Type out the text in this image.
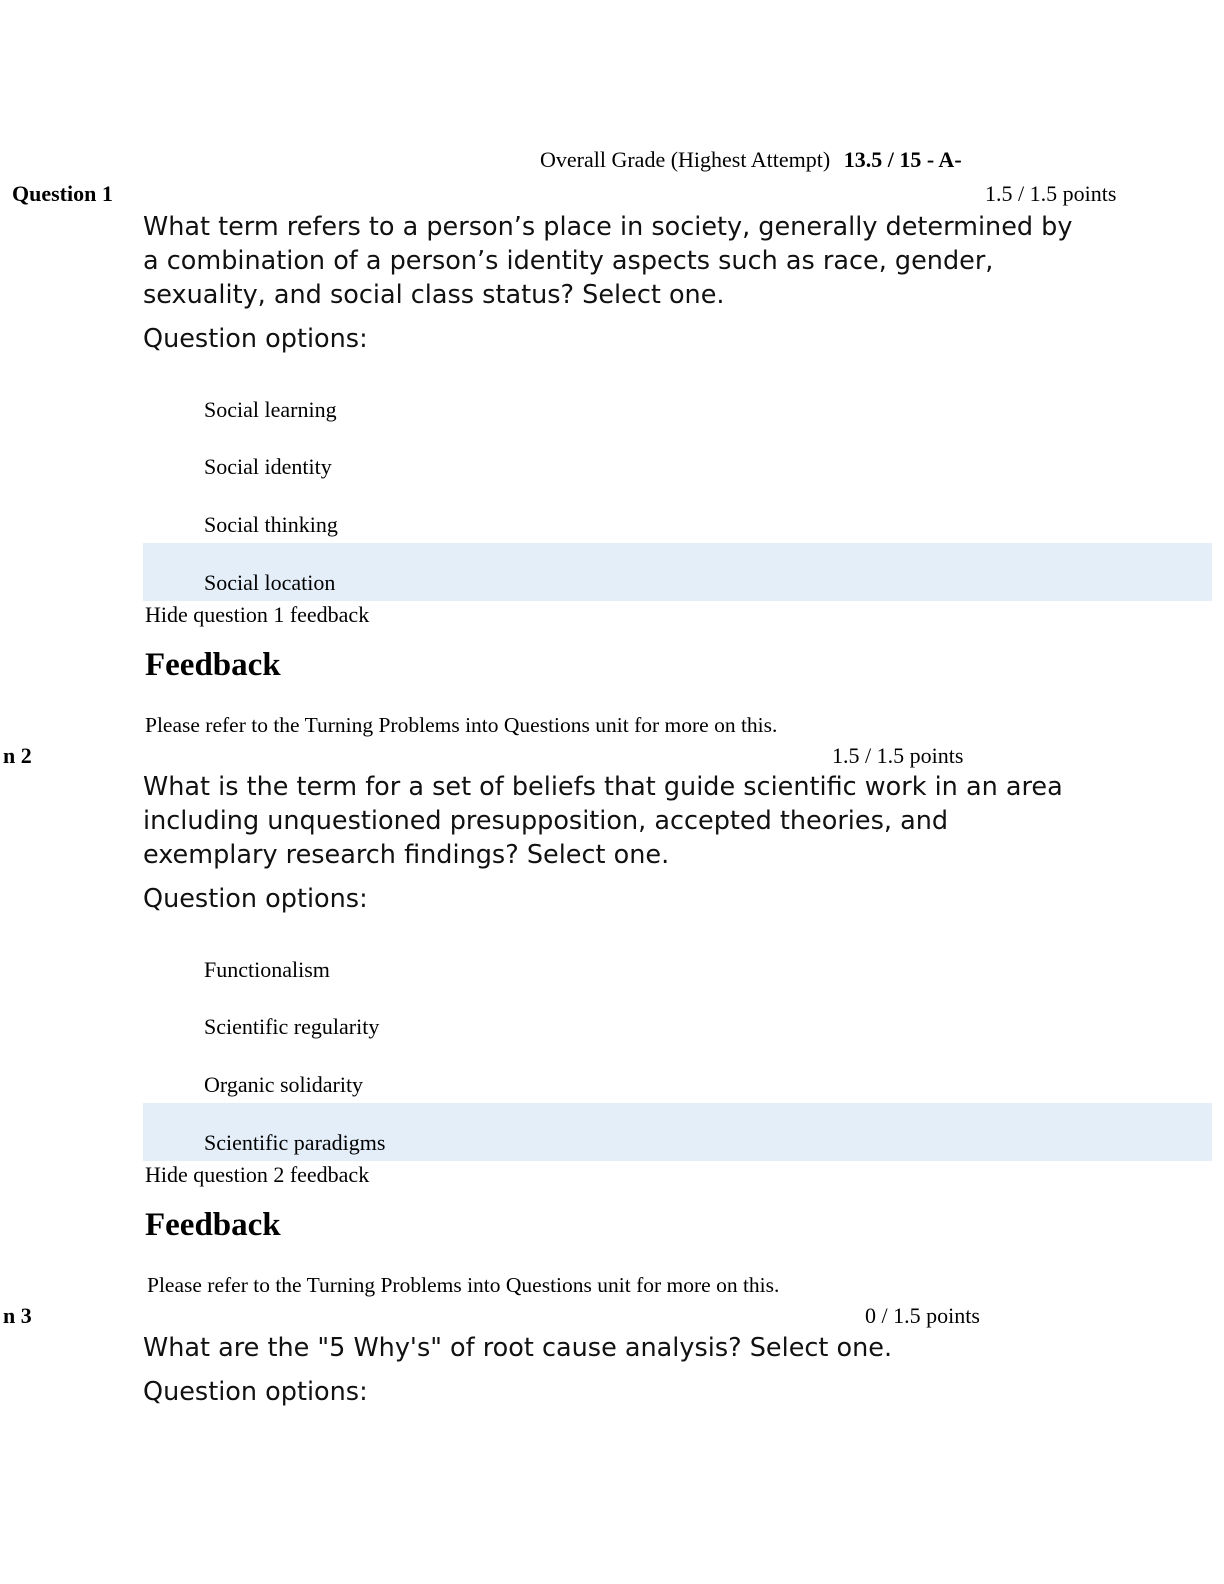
Overall Grade (Highest Attempt) 13.5 / 15 - A-
Question 1	1.5 / 1.5 points
What term refers to a person’s place in society, generally determined by a combination of a person’s identity aspects such as race, gender, sexuality, and social class status? Select one.
Question options:
Social learning
Social identity
Social thinking
Social location
Hide question 1 feedback
Feedback
Please refer to the Turning Problems into Questions unit for more on this.
n 2	1.5 / 1.5 points
What is the term for a set of beliefs that guide scientific work in an area including unquestioned presupposition, accepted theories, and exemplary research findings? Select one.
Question options:
Functionalism
Scientific regularity
Organic solidarity
Scientific paradigms
Hide question 2 feedback
Feedback
Please refer to the Turning Problems into Questions unit for more on this.
n 3	0 / 1.5 points
What are the "5 Why's" of root cause analysis? Select one.
Question options:
